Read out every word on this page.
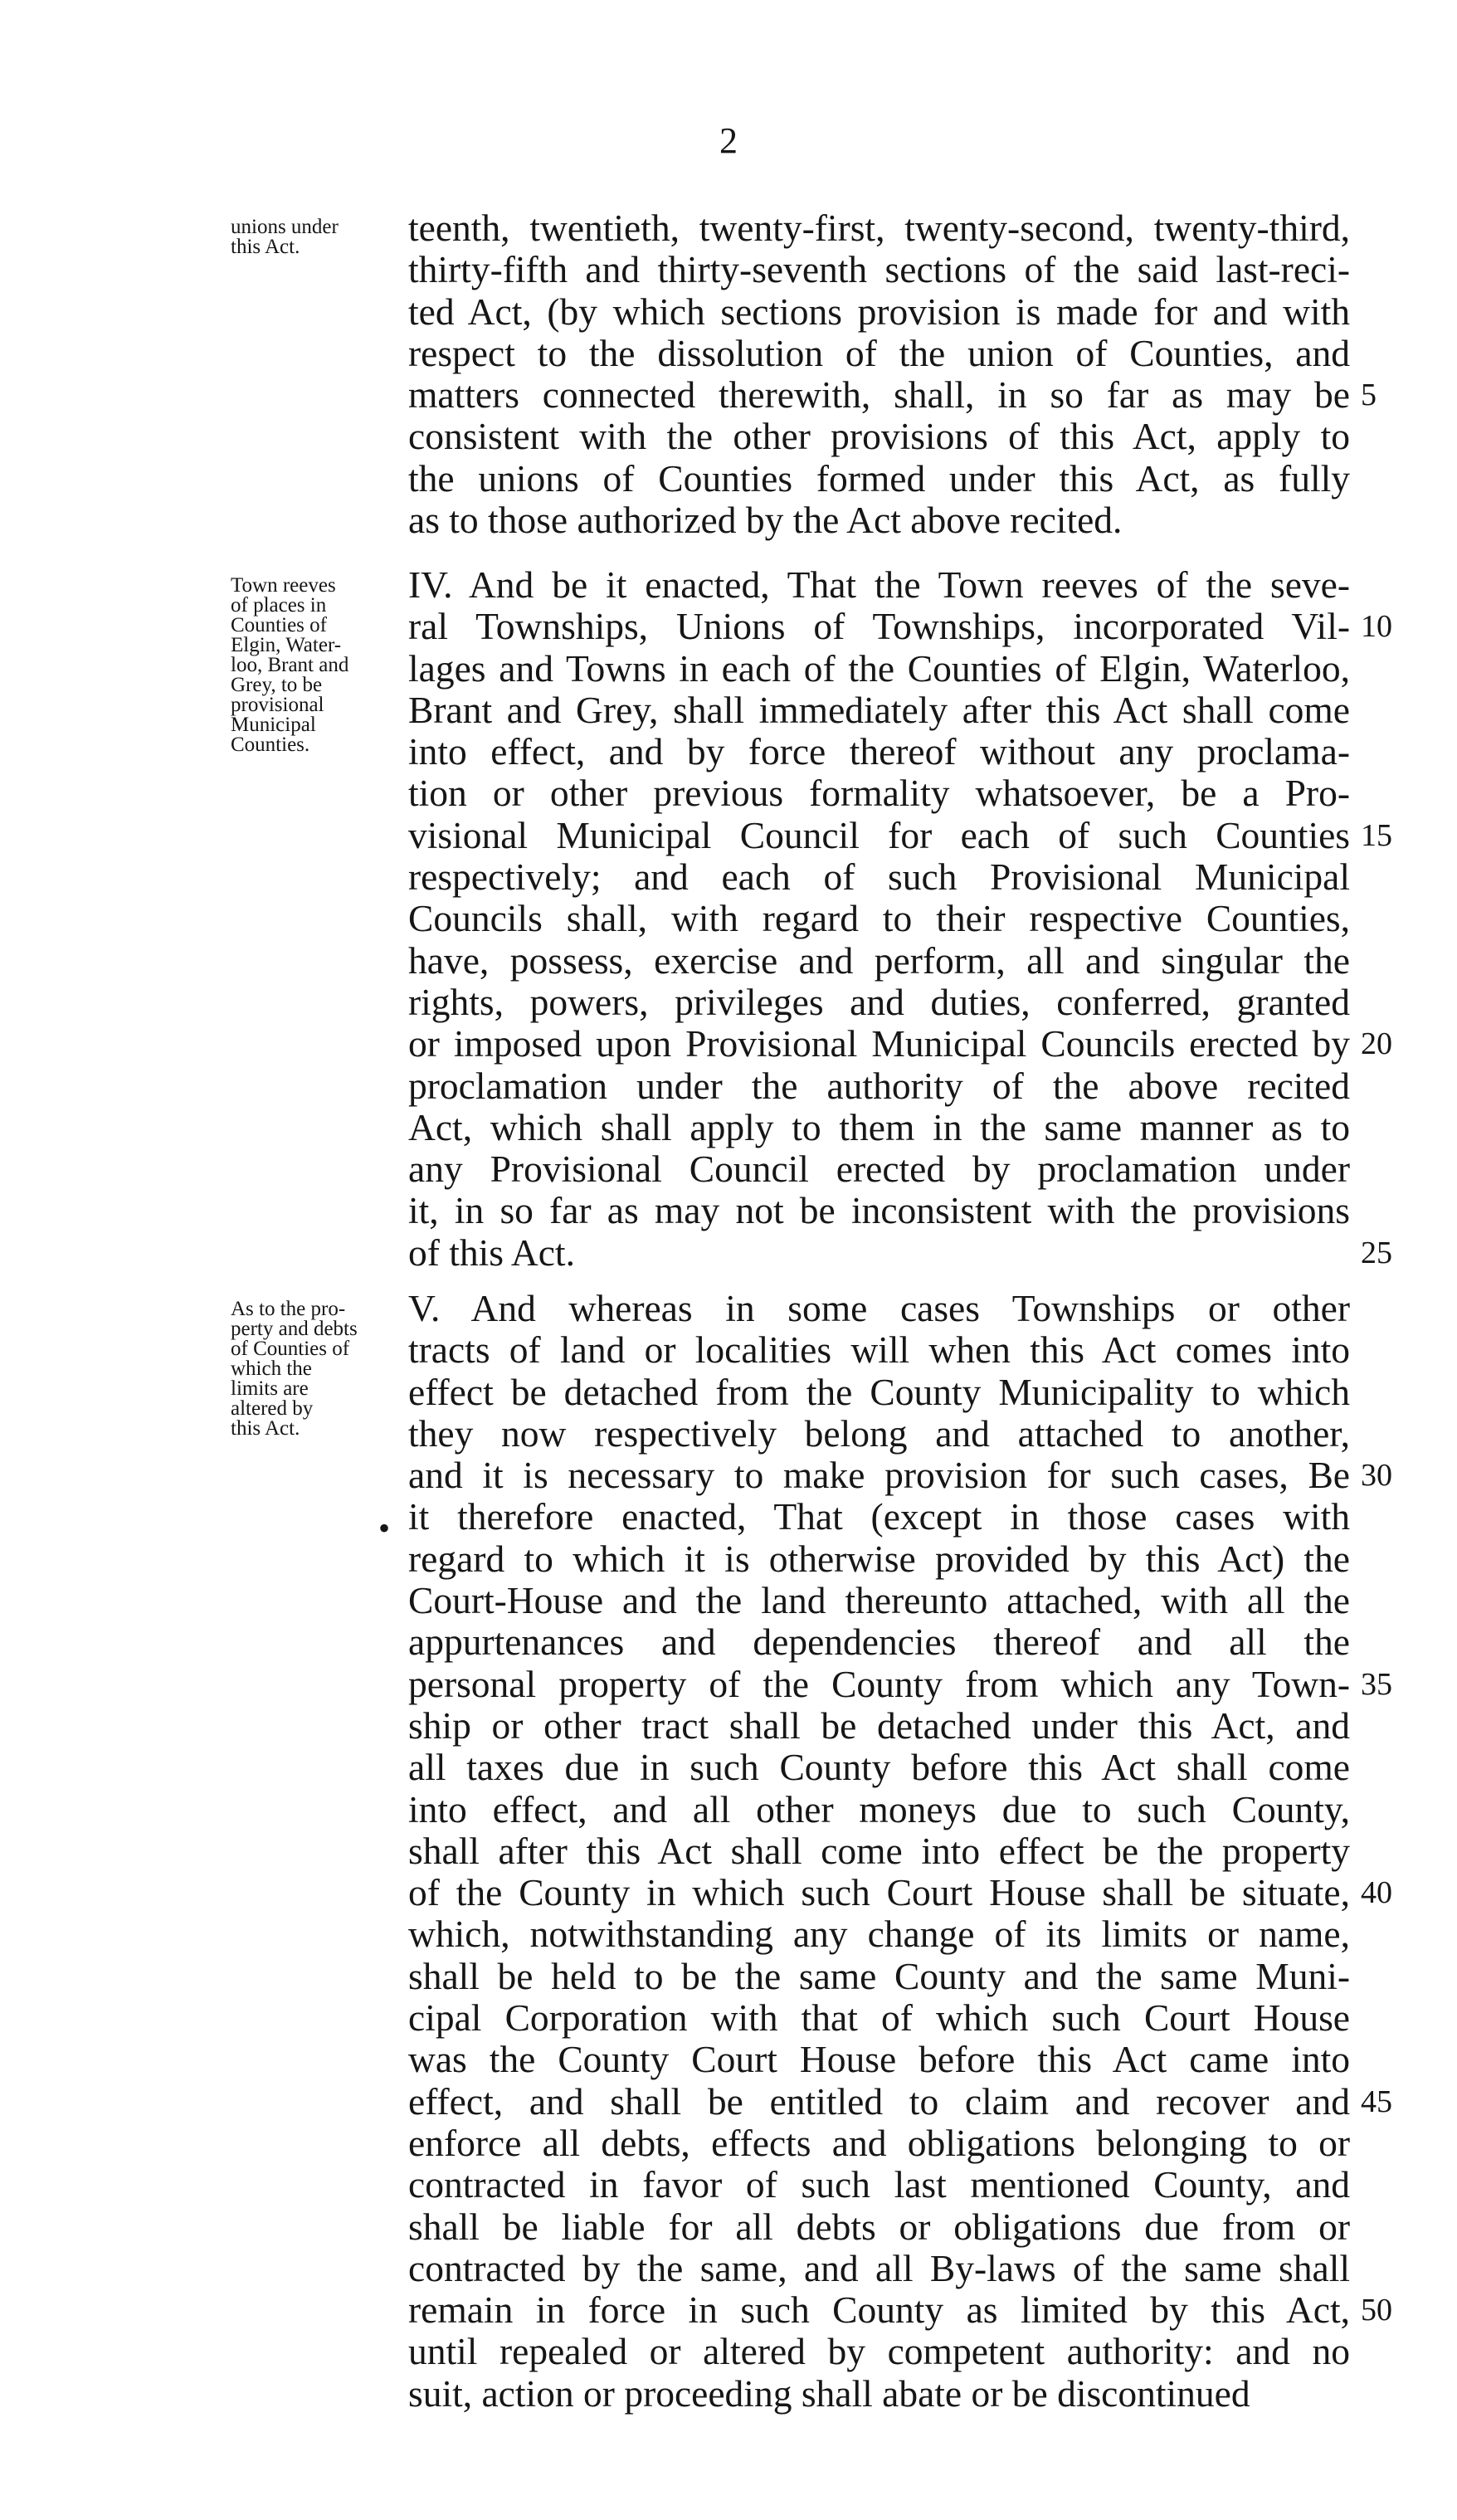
2

unions under
this Act.	teenth, twentieth, twenty-first, twenty-second, twenty-third,
thirty-fifth and thirty-seventh sections of the said last-reci-
ted Act, (by which sections provision is made for and with
respect to the dissolution of the union of Counties, and
matters connected therewith, shall, in so far as may be
consistent with the other provisions of this Act, apply to
the unions of Counties formed under this Act, as fully
as to those authorized by the Act above recited.
5

Town reeves
of places in
Counties of
Elgin, Water-
loo, Brant and
Grey, to be
provisional
Municipal
Counties.

IV. And be it enacted, That the Town reeves of the seve-
ral Townships, Unions of Townships, incorporated Vil-
lages and Towns in each of the Counties of Elgin, Waterloo,
Brant and Grey, shall immediately after this Act shall come
into effect, and by force thereof without any proclama-
tion or other previous formality whatsoever, be a Pro-
visional Municipal Council for each of such Counties
respectively; and each of such Provisional Municipal
Councils shall, with regard to their respective Counties,
have, possess, exercise and perform, all and singular the
rights, powers, privileges and duties, conferred, granted
or imposed upon Provisional Municipal Councils erected by
proclamation under the authority of the above recited
Act, which shall apply to them in the same manner as to
any Provisional Council erected by proclamation under
it, in so far as may not be inconsistent with the provisions
of this Act.
10
15
20
25

As to the pro-
perty and debts
of Counties of
which the
limits are
altered by
this Act.

V. And whereas in some cases Townships or other
tracts of land or localities will when this Act comes into
effect be detached from the County Municipality to which
they now respectively belong and attached to another,
and it is necessary to make provision for such cases, Be
it therefore enacted, That (except in those cases with
regard to which it is otherwise provided by this Act) the
Court-House and the land thereunto attached, with all the
appurtenances and dependencies thereof and all the
personal property of the County from which any Town-
ship or other tract shall be detached under this Act, and
all taxes due in such County before this Act shall come
into effect, and all other moneys due to such County,
shall after this Act shall come into effect be the property
of the County in which such Court House shall be situate,
which, notwithstanding any change of its limits or name,
shall be held to be the same County and the same Muni-
cipal Corporation with that of which such Court House
was the County Court House before this Act came into
effect, and shall be entitled to claim and recover and
enforce all debts, effects and obligations belonging to or
contracted in favor of such last mentioned County, and
shall be liable for all debts or obligations due from or
contracted by the same, and all By-laws of the same shall
remain in force in such County as limited by this Act,
until repealed or altered by competent authority: and no
suit, action or proceeding shall abate or be discontinued
•
30
35
40
45
50
